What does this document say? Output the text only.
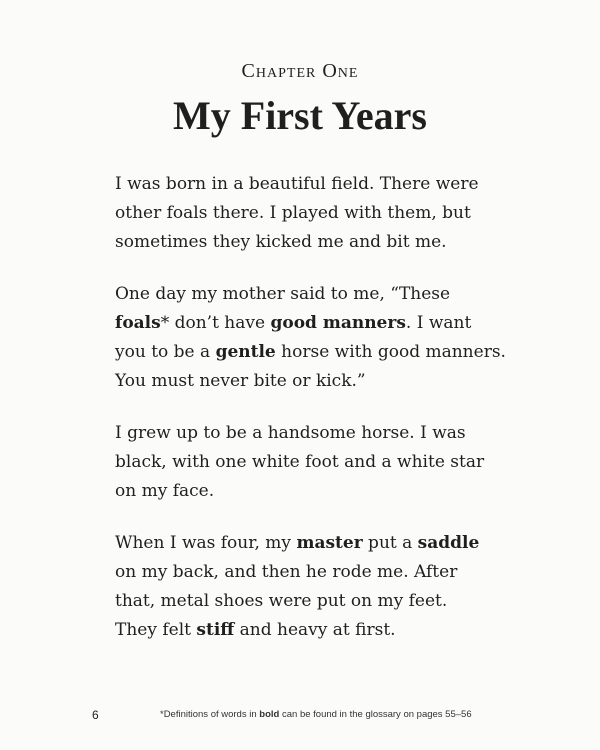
Chapter One
My First Years
I was born in a beautiful field. There were
other foals there. I played with them, but
sometimes they kicked me and bit me.
One day my mother said to me, “These
foals* don’t have good manners. I want
you to be a gentle horse with good manners.
You must never bite or kick.”
I grew up to be a handsome horse. I was
black, with one white foot and a white star
on my face.
When I was four, my master put a saddle
on my back, and then he rode me. After
that, metal shoes were put on my feet.
They felt stiff and heavy at first.
6	*Definitions of words in bold can be found in the glossary on pages 55–56
